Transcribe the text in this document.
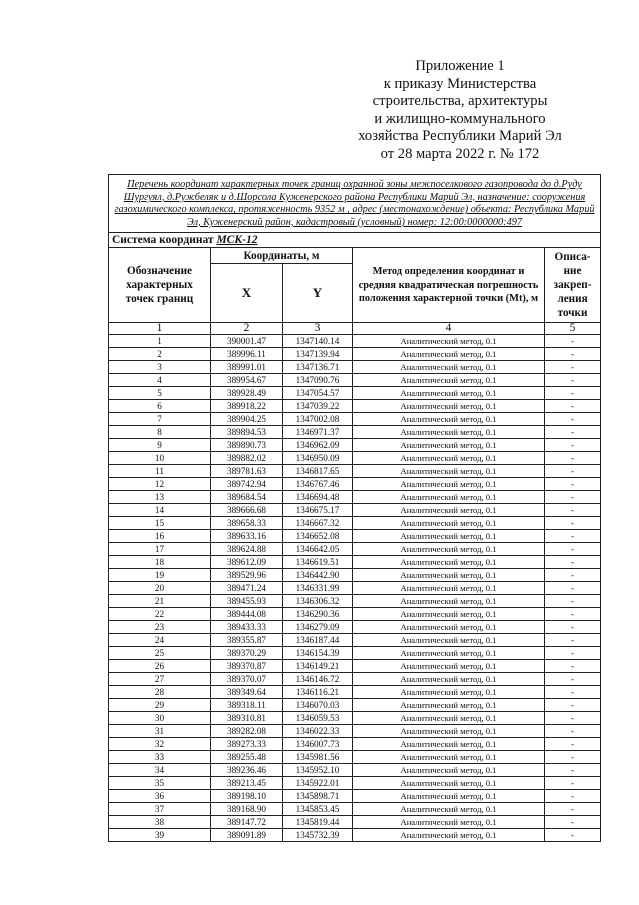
Приложение 1
к приказу Министерства
строительства, архитектуры
и жилищно-коммунального
хозяйства Республики Марий Эл
от 28 марта 2022 г. № 172
Перечень координат характерных точек границ охранной зоны межпоселкового газопровода до д.Руду Шургуял, д.Ружбеляк и д.Шорсола Куженерского района Республики Марий Эл, назначение: сооружения газохимического комплекса, протяженность 9352 м , адрес (местонахождение) объекта: Республика Марий Эл, Куженерский район, кадастровый (условный) номер: 12:00:0000000:497				
Система координат МСК-12				
Обозначение характерных точек границ	Координаты, м		Метод определения координат и средняя квадратическая погрешность положения характерной точки (Mt), м	Описа-ние закреп-ления точки
	X	Y		
1	2	3	4	5
1	390001.47	1347140.14	Аналитический метод, 0.1	-
2	389996.11	1347139.94	Аналитический метод, 0.1	-
3	389991.01	1347136.71	Аналитический метод, 0.1	-
4	389954.67	1347090.76	Аналитический метод, 0.1	-
5	389928.49	1347054.57	Аналитический метод, 0.1	-
6	389918.22	1347039.22	Аналитический метод, 0.1	-
7	389904.25	1347002.08	Аналитический метод, 0.1	-
8	389894.53	1346971.37	Аналитический метод, 0.1	-
9	389890.73	1346962.09	Аналитический метод, 0.1	-
10	389882.02	1346950.09	Аналитический метод, 0.1	-
11	389781.63	1346817.65	Аналитический метод, 0.1	-
12	389742.94	1346767.46	Аналитический метод, 0.1	-
13	389684.54	1346694.48	Аналитический метод, 0.1	-
14	389666.68	1346675.17	Аналитический метод, 0.1	-
15	389658.33	1346667.32	Аналитический метод, 0.1	-
16	389633.16	1346652.08	Аналитический метод, 0.1	-
17	389624.88	1346642.05	Аналитический метод, 0.1	-
18	389612.09	1346619.51	Аналитический метод, 0.1	-
19	389529.96	1346442.90	Аналитический метод, 0.1	-
20	389471.24	1346331.99	Аналитический метод, 0.1	-
21	389455.93	1346306.32	Аналитический метод, 0.1	-
22	389444.08	1346290.36	Аналитический метод, 0.1	-
23	389433.33	1346279.09	Аналитический метод, 0.1	-
24	389355.87	1346187.44	Аналитический метод, 0.1	-
25	389370.29	1346154.39	Аналитический метод, 0.1	-
26	389370.87	1346149.21	Аналитический метод, 0.1	-
27	389370.07	1346146.72	Аналитический метод, 0.1	-
28	389349.64	1346116.21	Аналитический метод, 0.1	-
29	389318.11	1346070.03	Аналитический метод, 0.1	-
30	389310.81	1346059.53	Аналитический метод, 0.1	-
31	389282.08	1346022.33	Аналитический метод, 0.1	-
32	389273.33	1346007.73	Аналитический метод, 0.1	-
33	389255.48	1345981.56	Аналитический метод, 0.1	-
34	389236.46	1345952.10	Аналитический метод, 0.1	-
35	389213.45	1345922.01	Аналитический метод, 0.1	-
36	389198.10	1345898.71	Аналитический метод, 0.1	-
37	389168.90	1345853.45	Аналитический метод, 0.1	-
38	389147.72	1345819.44	Аналитический метод, 0.1	-
39	389091.89	1345732.39	Аналитический метод, 0.1	-
